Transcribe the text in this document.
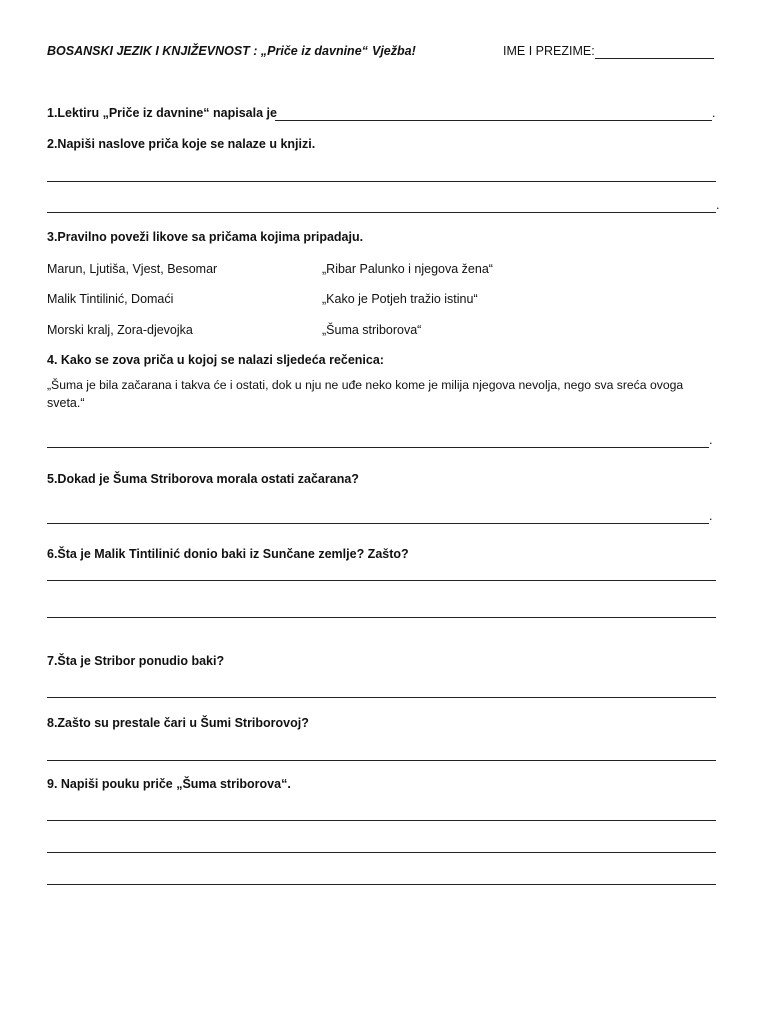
BOSANSKI JEZIK I KNJIŽEVNOST : „Priče iz davnine“ Vježba!	IME I PREZIME:
1.Lektiru „Priče iz davnine“ napisala je	.
2.Napiši naslove priča koje se nalaze u knjizi.
.
3.Pravilno poveži likove sa pričama kojima pripadaju.
Marun, Ljutiša, Vjest, Besomar	„Ribar Palunko i njegova žena“
Malik Tintilinić, Domaći	„Kako je Potjeh tražio istinu“
Morski kralj, Zora-djevojka	„Šuma striborova“
4. Kako se zova priča u kojoj se nalazi sljedeća rečenica:
„Šuma je bila začarana i takva će i ostati, dok u nju ne uđe neko kome je milija njegova nevolja, nego sva sreća ovoga
sveta.“
.
5.Dokad je Šuma Striborova morala ostati začarana?
.
6.Šta je Malik Tintilinić donio baki iz Sunčane zemlje? Zašto?
7.Šta je Stribor ponudio baki?
8.Zašto su prestale čari u Šumi Striborovoj?
9. Napiši pouku priče „Šuma striborova“.
